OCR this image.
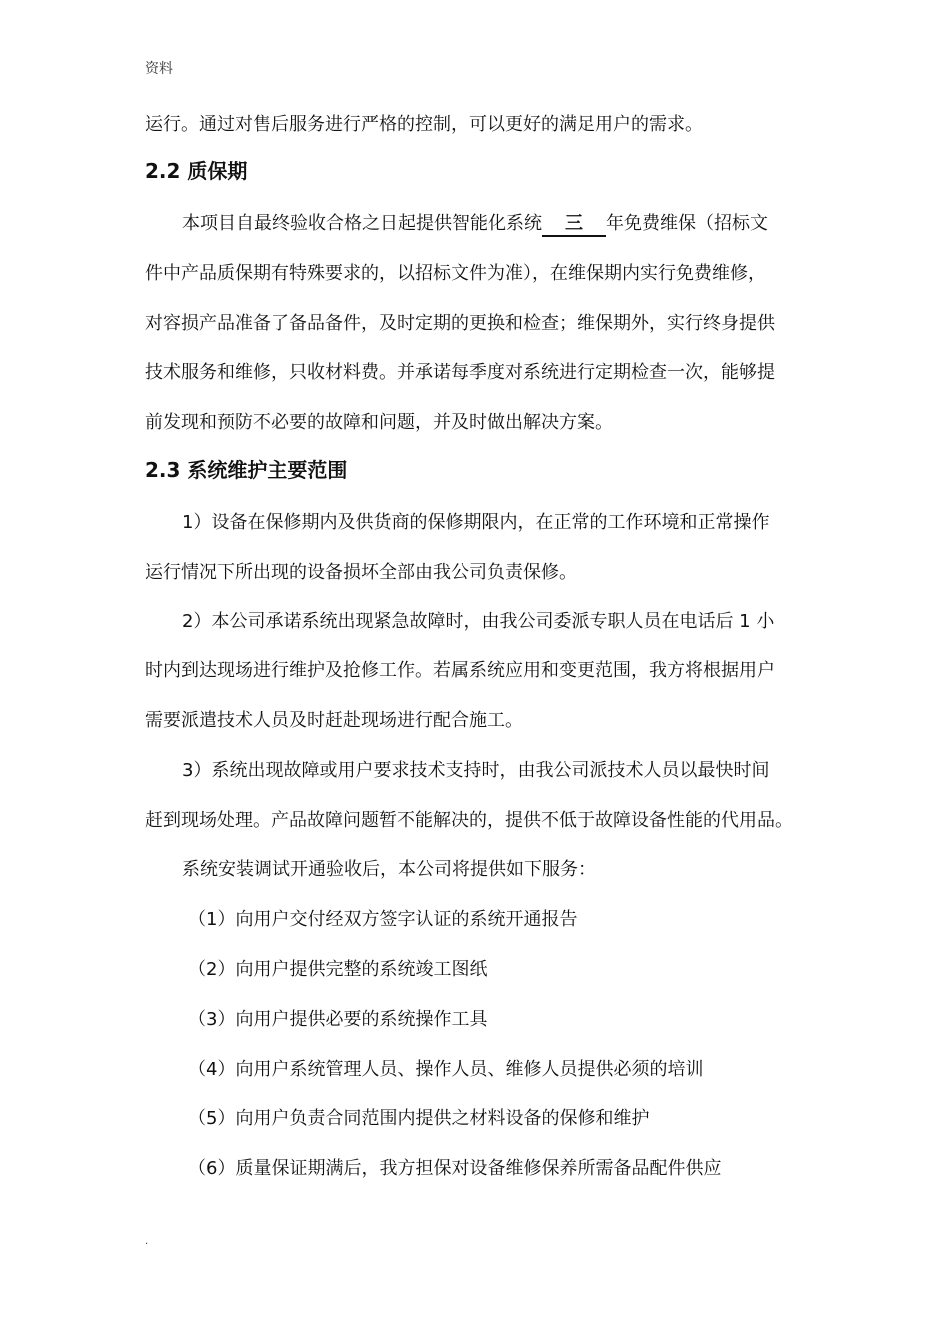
资料
运行。通过对售后服务进行严格的控制，可以更好的满足用户的需求。
2.2 质保期
本项目自最终验收合格之日起提供智能化系统 三 年免费维保（招标文
件中产品质保期有特殊要求的，以招标文件为准），在维保期内实行免费维修，
对容损产品准备了备品备件，及时定期的更换和检查；维保期外，实行终身提供
技术服务和维修，只收材料费。并承诺每季度对系统进行定期检查一次，能够提
前发现和预防不必要的故障和问题，并及时做出解决方案。
2.3 系统维护主要范围
1）设备在保修期内及供货商的保修期限内，在正常的工作环境和正常操作
运行情况下所出现的设备损坏全部由我公司负责保修。
2）本公司承诺系统出现紧急故障时，由我公司委派专职人员在电话后 1 小
时内到达现场进行维护及抢修工作。若属系统应用和变更范围，我方将根据用户
需要派遣技术人员及时赶赴现场进行配合施工。
3）系统出现故障或用户要求技术支持时，由我公司派技术人员以最快时间
赶到现场处理。产品故障问题暂不能解决的，提供不低于故障设备性能的代用品。
系统安装调试开通验收后，本公司将提供如下服务：
（1）向用户交付经双方签字认证的系统开通报告
（2）向用户提供完整的系统竣工图纸
（3）向用户提供必要的系统操作工具
（4）向用户系统管理人员、操作人员、维修人员提供必须的培训
（5）向用户负责合同范围内提供之材料设备的保修和维护
（6）质量保证期满后，我方担保对设备维修保养所需备品配件供应
.
